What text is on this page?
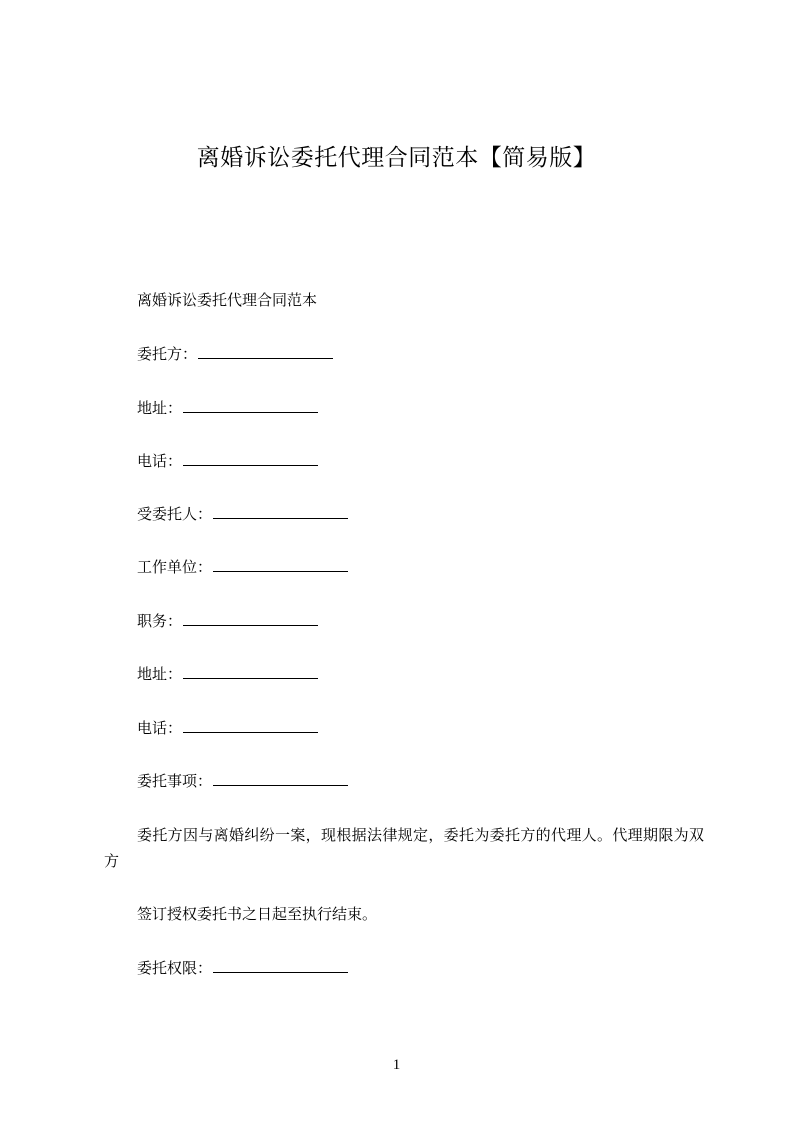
离婚诉讼委托代理合同范本【简易版】
离婚诉讼委托代理合同范本
委托方：
地址：
电话：
受委托人：
工作单位：
职务：
地址：
电话：
委托事项：
委托方因与离婚纠纷一案，现根据法律规定，委托为委托方的代理人。代理期限为双方
签订授权委托书之日起至执行结束。
委托权限：
1
